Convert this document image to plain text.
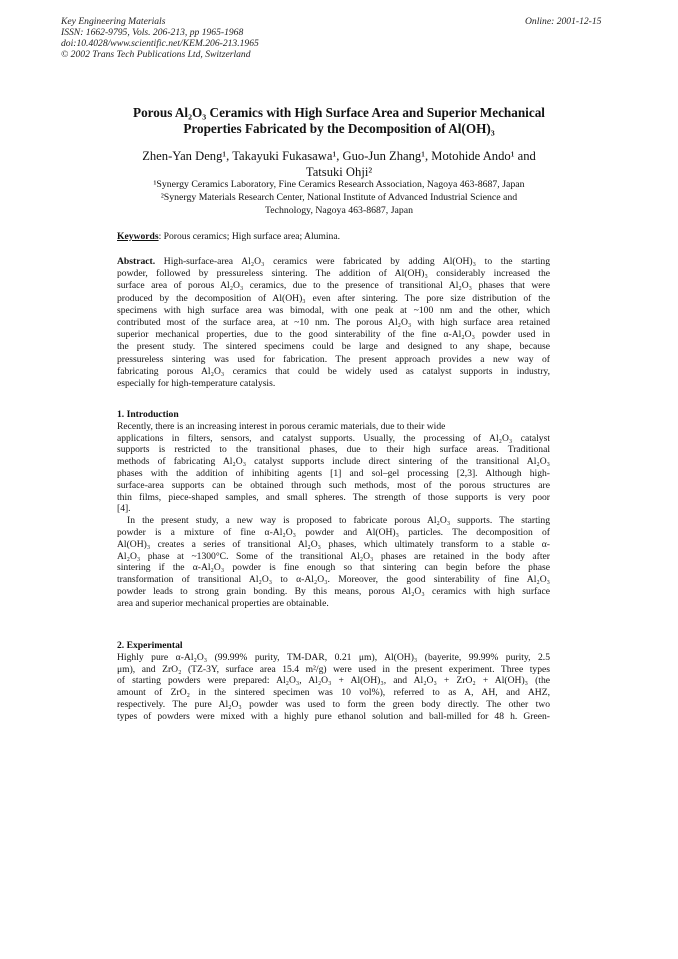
Key Engineering Materials
ISSN: 1662-9795, Vols. 206-213, pp 1965-1968
doi:10.4028/www.scientific.net/KEM.206-213.1965
© 2002 Trans Tech Publications Ltd, Switzerland
Online: 2001-12-15
Porous Al₂O₃ Ceramics with High Surface Area and Superior Mechanical
Properties Fabricated by the Decomposition of Al(OH)₃
Zhen-Yan Deng¹, Takayuki Fukasawa¹, Guo-Jun Zhang¹, Motohide Ando¹ and
Tatsuki Ohji²
¹Synergy Ceramics Laboratory, Fine Ceramics Research Association, Nagoya 463-8687, Japan
²Synergy Materials Research Center, National Institute of Advanced Industrial Science and
Technology, Nagoya 463-8687, Japan
Keywords: Porous ceramics; High surface area; Alumina.
Abstract. High-surface-area Al₂O₃ ceramics were fabricated by adding Al(OH)₃ to the starting
powder, followed by pressureless sintering. The addition of Al(OH)₃ considerably increased the
surface area of porous Al₂O₃ ceramics, due to the presence of transitional Al₂O₃ phases that were
produced by the decomposition of Al(OH)₃ even after sintering. The pore size distribution of the
specimens with high surface area was bimodal, with one peak at ~100 nm and the other, which
contributed most of the surface area, at ~10 nm. The porous Al₂O₃ with high surface area retained
superior mechanical properties, due to the good sinterability of the fine α-Al₂O₃ powder used in
the present study. The sintered specimens could be large and designed to any shape, because
pressureless sintering was used for fabrication. The present approach provides a new way of
fabricating porous Al₂O₃ ceramics that could be widely used as catalyst supports in industry,
especially for high-temperature catalysis.
1. Introduction
Recently, there is an increasing interest in porous ceramic materials, due to their wide
applications in filters, sensors, and catalyst supports. Usually, the processing of Al₂O₃ catalyst
supports is restricted to the transitional phases, due to their high surface areas. Traditional
methods of fabricating Al₂O₃ catalyst supports include direct sintering of the transitional Al₂O₃
phases with the addition of inhibiting agents [1] and sol–gel processing [2,3]. Although high-
surface-area supports can be obtained through such methods, most of the porous structures are
thin films, piece-shaped samples, and small spheres. The strength of those supports is very poor
[4].
In the present study, a new way is proposed to fabricate porous Al₂O₃ supports. The starting
powder is a mixture of fine α-Al₂O₃ powder and Al(OH)₃ particles. The decomposition of
Al(OH)₃ creates a series of transitional Al₂O₃ phases, which ultimately transform to a stable α-
Al₂O₃ phase at ~1300°C. Some of the transitional Al₂O₃ phases are retained in the body after
sintering if the α-Al₂O₃ powder is fine enough so that sintering can begin before the phase
transformation of transitional Al₂O₃ to α-Al₂O₃. Moreover, the good sinterability of fine Al₂O₃
powder leads to strong grain bonding. By this means, porous Al₂O₃ ceramics with high surface
area and superior mechanical properties are obtainable.
2. Experimental
Highly pure α-Al₂O₃ (99.99% purity, TM-DAR, 0.21 μm), Al(OH)₃ (bayerite, 99.99% purity, 2.5
μm), and ZrO₂ (TZ-3Y, surface area 15.4 m²/g) were used in the present experiment. Three types
of starting powders were prepared: Al₂O₃, Al₂O₃ + Al(OH)₃, and Al₂O₃ + ZrO₂ + Al(OH)₃ (the
amount of ZrO₂ in the sintered specimen was 10 vol%), referred to as A, AH, and AHZ,
respectively. The pure Al₂O₃ powder was used to form the green body directly. The other two
types of powders were mixed with a highly pure ethanol solution and ball-milled for 48 h. Green-
